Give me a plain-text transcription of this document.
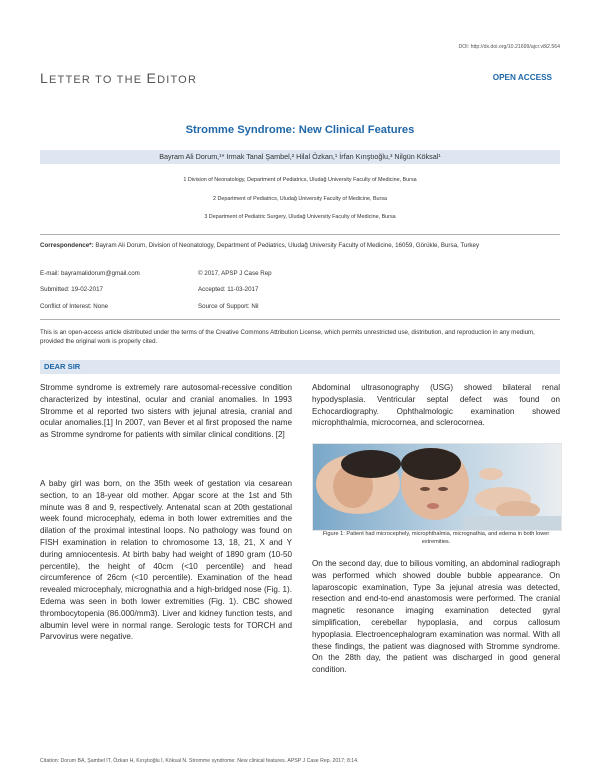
DOI: http://dx.doi.org/10.21699/ajcr.v8i2.564
LETTER TO THE EDITOR	OPEN ACCESS
Stromme Syndrome: New Clinical Features
Bayram Ali Dorum,¹* Irmak Tanal Şambel,² Hilal Özkan,¹ İrfan Kırıştıoğlu,³ Nilgün Köksal¹
1 Division of Neonatology, Department of Pediatrics, Uludağ University Faculty of Medicine, Bursa
2 Department of Pediatrics, Uludağ University Faculty of Medicine, Bursa
3 Department of Pediatric Surgery, Uludağ University Faculty of Medicine, Bursa
Correspondence*: Bayram Ali Dorum, Division of Neonatology, Department of Pediatrics, Uludağ University Faculty of Medicine, 16059, Görükle, Bursa, Turkey
E-mail: bayramalidorum@gmail.com	© 2017, APSP J Case Rep
Submitted: 19-02-2017	Accepted: 11-03-2017
Conflict of Interest: None	Source of Support: Nil
This is an open-access article distributed under the terms of the Creative Commons Attribution License, which permits unrestricted use, distribution, and reproduction in any medium, provided the original work is properly cited.
DEAR SIR
Stromme syndrome is extremely rare autosomal-recessive condition characterized by intestinal, ocular and cranial anomalies. In 1993 Stromme et al reported two sisters with jejunal atresia, cranial and ocular anomalies.[1] In 2007, van Bever et al first proposed the name as Stromme syndrome for patients with similar clinical conditions. [2]
A baby girl was born, on the 35th week of gestation via cesarean section, to an 18-year old mother. Apgar score at the 1st and 5th minute was 8 and 9, respectively. Antenatal scan at 20th gestational week found microcephaly, edema in both lower extremities and the dilation of the proximal intestinal loops. No pathology was found on FISH examination in relation to chromosome 13, 18, 21, X and Y during amniocentesis. At birth baby had weight of 1890 gram (10-50 percentile), the height of 40cm (<10 percentile) and head circumference of 26cm (<10 percentile). Examination of the head revealed microcephaly, micrognathia and a high-bridged nose (Fig. 1). Edema was seen in both lower extremities (Fig. 1). CBC showed thrombocytopenia (86.000/mm3). Liver and kidney function tests, and albumin level were in normal range. Serologic tests for TORCH and Parvovirus were negative.
Abdominal ultrasonography (USG) showed bilateral renal hypodysplasia. Ventricular septal defect was found on Echocardiography. Ophthalmologic examination showed microphthalmia, microcornea, and sclerocornea.
Figure 1: Patient had microcephely, microphthalmia, micrognathia, and edema in both lower extremities.
On the second day, due to bilious vomiting, an abdominal radiograph was performed which showed double bubble appearance. On laparoscopic examination, Type 3a jejunal atresia was detected, resection and end-to-end anastomosis were performed. The cranial magnetic resonance imaging examination detected gyral simplification, cerebellar hypoplasia, and corpus callosum hypoplasia. Electroencephalogram examination was normal. With all these findings, the patient was diagnosed with Stromme syndrome. On the 28th day, the patient was discharged in good general condition.
Citation: Dorum BA, Şambel IT, Özkan H, Kırıştıoğlu İ, Köksal N. Stromme syndrome: New clinical features. APSP J Case Rep. 2017; 8:14.
